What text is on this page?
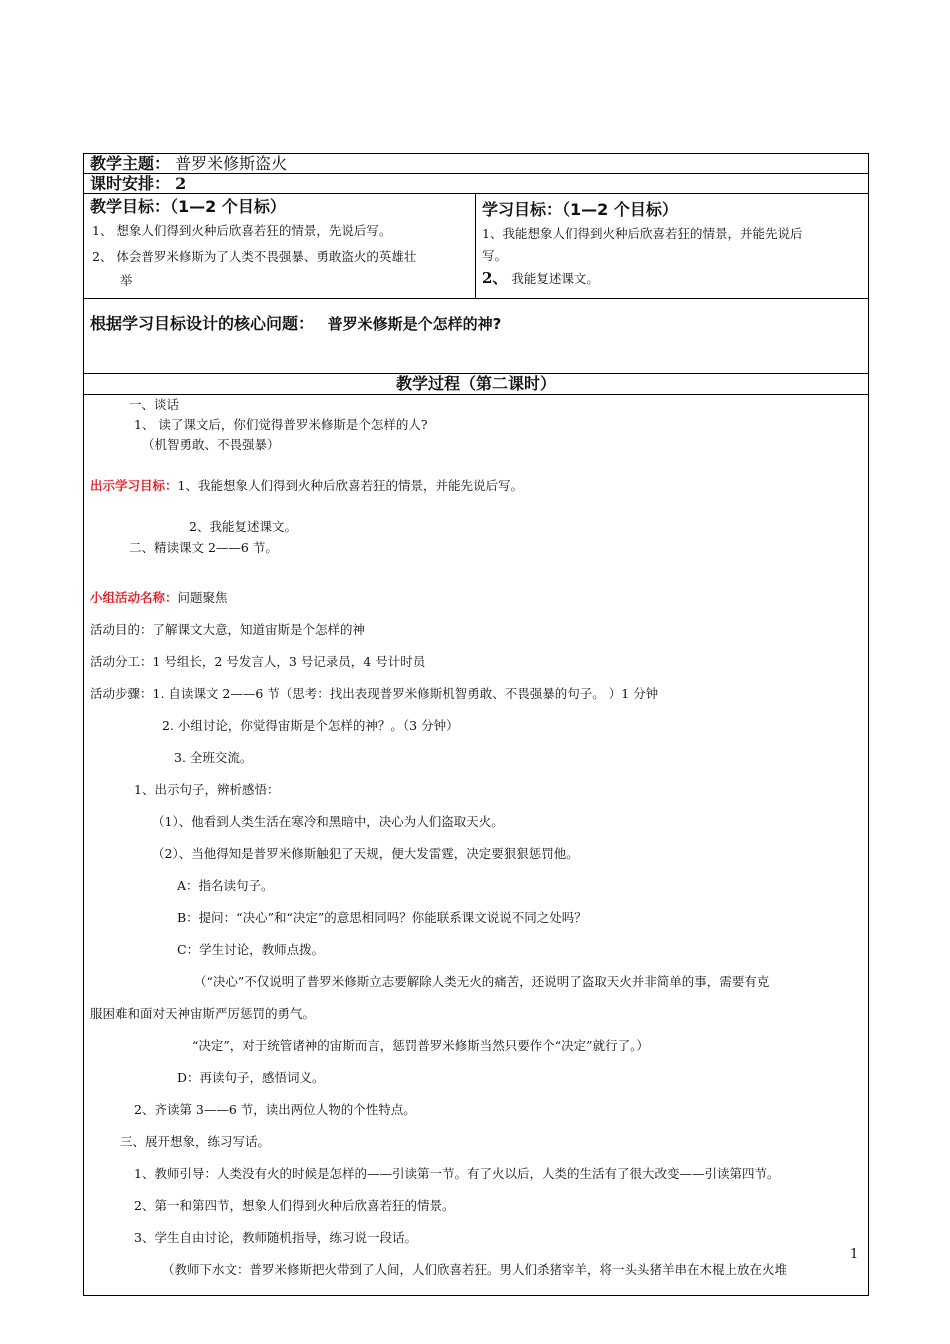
教学主题： 普罗米修斯盗火
课时安排： 2

教学目标：（1—2 个目标）
1、 想象人们得到火种后欣喜若狂的情景，先说后写。
2、 体会普罗米修斯为了人类不畏强暴、勇敢盗火的英雄壮
举

学习目标：（1—2 个目标）
1、我能想象人们得到火种后欣喜若狂的情景，并能先说后
写。
2、 我能复述课文。

根据学习目标设计的核心问题： 普罗米修斯是个怎样的神?
教学过程（第二课时）

一、谈话
1、 读了课文后，你们觉得普罗米修斯是个怎样的人?
（机智勇敢、不畏强暴）
出示学习目标：1、我能想象人们得到火种后欣喜若狂的情景，并能先说后写。
2、我能复述课文。
二、精读课文 2——6 节。
小组活动名称：问题聚焦
活动目的：了解课文大意，知道宙斯是个怎样的神
活动分工：1 号组长，2 号发言人，3 号记录员，4 号计时员
活动步骤：1. 自读课文 2——6 节（思考：找出表现普罗米修斯机智勇敢、不畏强暴的句子。 ）1 分钟
2. 小组讨论，你觉得宙斯是个怎样的神？。（3 分钟）
3. 全班交流。
1、出示句子，辨析感悟：
（1）、他看到人类生活在寒冷和黑暗中，决心为人们盗取天火。
（2）、当他得知是普罗米修斯触犯了天规，便大发雷霆，决定要狠狠惩罚他。
A：指名读句子。
B：提问：“决心”和“决定”的意思相同吗？你能联系课文说说不同之处吗？
C：学生讨论，教师点拨。
（“决心”不仅说明了普罗米修斯立志要解除人类无火的痛苦，还说明了盗取天火并非简单的事，需要有克
服困难和面对天神宙斯严厉惩罚的勇气。
“决定”，对于统管诸神的宙斯而言，惩罚普罗米修斯当然只要作个“决定”就行了。）
D：再读句子，感悟词义。
2、齐读第 3——6 节，读出两位人物的个性特点。
三、展开想象，练习写话。
1、教师引导：人类没有火的时候是怎样的——引读第一节。有了火以后，人类的生活有了很大改变——引读第四节。
2、第一和第四节，想象人们得到火种后欣喜若狂的情景。
3、学生自由讨论，教师随机指导，练习说一段话。
（教师下水文：普罗米修斯把火带到了人间，人们欣喜若狂。男人们杀猪宰羊，将一头头猪羊串在木棍上放在火堆
1
